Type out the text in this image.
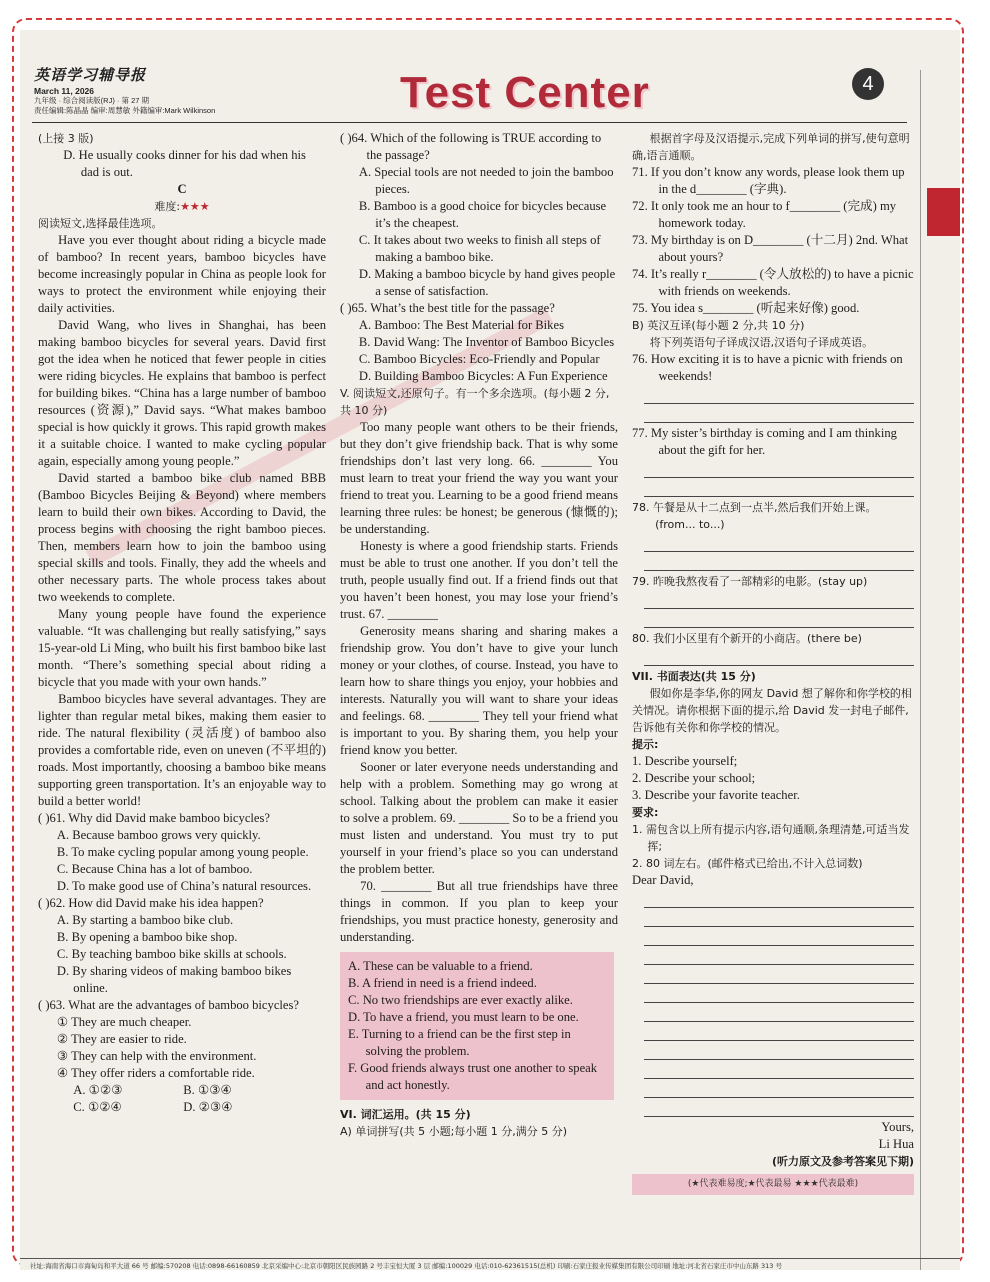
英语学习辅导报
March 11, 2026
九年级 · 综合阅读版(RJ) · 第 27 期
责任编辑:陈晶晶 编审:周慧敏 外籍编审:Mark Wilkinson	Test Center	4

(上接 3 版)

D. He usually cooks dinner for his dad when his dad is out.

C

难度:★★★

阅读短文,选择最佳选项。

Have you ever thought about riding a bicycle made of bamboo? In recent years, bamboo bicycles have become increasingly popular in China as people look for ways to protect the environment while enjoying their daily activities.

David Wang, who lives in Shanghai, has been making bamboo bicycles for several years. David first got the idea when he noticed that fewer people in cities were riding bicycles. He explains that bamboo is perfect for building bikes. “China has a large number of bamboo resources (资源),” David says. “What makes bamboo special is how quickly it grows. This rapid growth makes it a suitable choice. I wanted to make cycling popular again, especially among young people.”

David started a bamboo bike club named BBB (Bamboo Bicycles Beijing & Beyond) where members learn to build their own bikes. According to David, the process begins with choosing the right bamboo pieces. Then, members learn how to join the bamboo using special skills and tools. Finally, they add the wheels and other necessary parts. The whole process takes about two weekends to complete.

Many young people have found the experience valuable. “It was challenging but really satisfying,” says 15-year-old Li Ming, who built his first bamboo bike last month. “There’s something special about riding a bicycle that you made with your own hands.”

Bamboo bicycles have several advantages. They are lighter than regular metal bikes, making them easier to ride. The natural flexibility (灵活度) of bamboo also provides a comfortable ride, even on uneven (不平坦的) roads. Most importantly, choosing a bamboo bike means supporting green transportation. It’s an enjoyable way to build a better world!

( )61. Why did David make bamboo bicycles?

A. Because bamboo grows very quickly.

B. To make cycling popular among young people.

C. Because China has a lot of bamboo.

D. To make good use of China’s natural resources.

( )62. How did David make his idea happen?

A. By starting a bamboo bike club.

B. By opening a bamboo bike shop.

C. By teaching bamboo bike skills at schools.

D. By sharing videos of making bamboo bikes online.

( )63. What are the advantages of bamboo bicycles?

① They are much cheaper.

② They are easier to ride.

③ They can help with the environment.

④ They offer riders a comfortable ride.

A. ①②③	B. ①③④

C. ①②④	D. ②③④

( )64. Which of the following is TRUE according to the passage?

A. Special tools are not needed to join the bamboo pieces.

B. Bamboo is a good choice for bicycles because it’s the cheapest.

C. It takes about two weeks to finish all steps of making a bamboo bike.

D. Making a bamboo bicycle by hand gives people a sense of satisfaction.

( )65. What’s the best title for the passage?

A. Bamboo: The Best Material for Bikes

B. David Wang: The Inventor of Bamboo Bicycles

C. Bamboo Bicycles: Eco-Friendly and Popular

D. Building Bamboo Bicycles: A Fun Experience

V. 阅读短文,还原句子。有一个多余选项。(每小题 2 分,共 10 分)

Too many people want others to be their friends, but they don’t give friendship back. That is why some friendships don’t last very long. 66. ________ You must learn to treat your friend the way you want your friend to treat you. Learning to be a good friend means learning three rules: be honest; be generous (慷慨的); be understanding.

Honesty is where a good friendship starts. Friends must be able to trust one another. If you don’t tell the truth, people usually find out. If a friend finds out that you haven’t been honest, you may lose your friend’s trust. 67. ________

Generosity means sharing and sharing makes a friendship grow. You don’t have to give your lunch money or your clothes, of course. Instead, you have to learn how to share things you enjoy, your hobbies and interests. Naturally you will want to share your ideas and feelings. 68. ________ They tell your friend what is important to you. By sharing them, you help your friend know you better.

Sooner or later everyone needs understanding and help with a problem. Something may go wrong at school. Talking about the problem can make it easier to solve a problem. 69. ________ So to be a friend you must listen and understand. You must try to put yourself in your friend’s place so you can understand the problem better.

70. ________ But all true friendships have three things in common. If you plan to keep your friendships, you must practice honesty, generosity and understanding.

A. These can be valuable to a friend.

B. A friend in need is a friend indeed.

C. No two friendships are ever exactly alike.

D. To have a friend, you must learn to be one.

E. Turning to a friend can be the first step in solving the problem.

F. Good friends always trust one another to speak and act honestly.

VI. 词汇运用。(共 15 分)

A) 单词拼写(共 5 小题;每小题 1 分,满分 5 分)

根据首字母及汉语提示,完成下列单词的拼写,使句意明确,语言通顺。

71. If you don’t know any words, please look them up in the d________ (字典).

72. It only took me an hour to f________ (完成) my homework today.

73. My birthday is on D________ (十二月) 2nd. What about yours?

74. It’s really r________ (令人放松的) to have a picnic with friends on weekends.

75. You idea s________ (听起来好像) good.

B) 英汉互译(每小题 2 分,共 10 分)

将下列英语句子译成汉语,汉语句子译成英语。

76. How exciting it is to have a picnic with friends on weekends!

77. My sister’s birthday is coming and I am thinking about the gift for her.

78. 午餐是从十二点到一点半,然后我们开始上课。 (from... to...)

79. 昨晚我熬夜看了一部精彩的电影。(stay up)

80. 我们小区里有个新开的小商店。(there be)

VII. 书面表达(共 15 分)

假如你是李华,你的网友 David 想了解你和你学校的相关情况。请你根据下面的提示,给 David 发一封电子邮件,告诉他有关你和你学校的情况。

提示:

1. Describe yourself;

2. Describe your school;

3. Describe your favorite teacher.

要求:

1. 需包含以上所有提示内容,语句通顺,条理清楚,可适当发挥;

2. 80 词左右。(邮件格式已给出,不计入总词数)

Dear David,

Yours,

Li Hua

(听力原文及参考答案见下期)

(★代表难易度;★代表最易 ★★★代表最难)
社址:海南省海口市海甸岛和平大道 66 号 邮编:570208 电话:0898-66160859 北京采编中心:北京市朝阳区民族园路 2 号丰宝恒大厦 3 层 邮编:100029 电话:010-62361515(总机) 印刷:石家庄报业传媒集团有限公司印刷 地址:河北省石家庄市中山东路 313 号
